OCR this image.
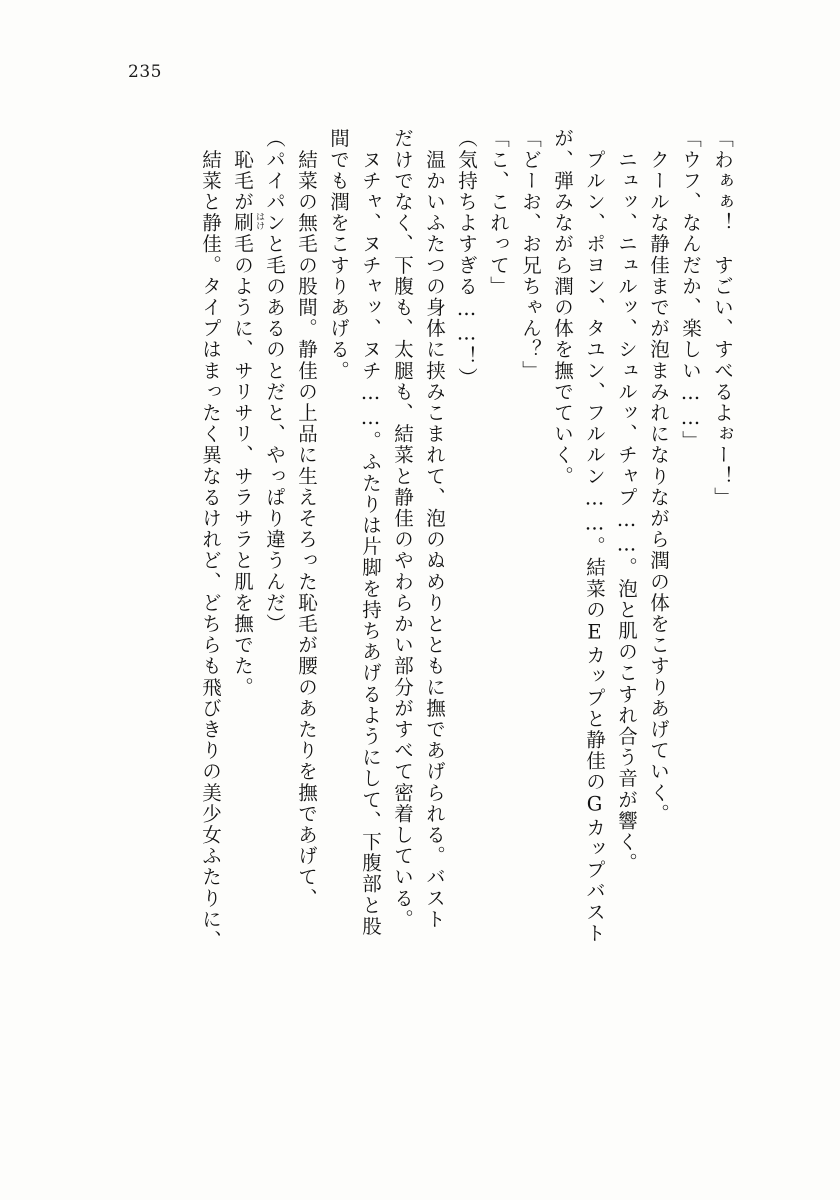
235
「わぁぁ！　すごい、すべるよぉー！」
「ウフ、なんだか、楽しい……」
　クールな静佳までが泡まみれになりながら潤の体をこすりあげていく。
　ニュッ、ニュルッ、シュルッ、チャプ……。泡と肌のこすれ合う音が響く。
　プルン、ポヨン、タユン、フルルン……。結菜のEカップと静佳のGカップバスト
が、弾みながら潤の体を撫でていく。
「どーお、お兄ちゃん？」
「こ、これって」
（気持ちよすぎる……！）
　温かいふたつの身体に挟みこまれて、泡のぬめりとともに撫であげられる。バスト
だけでなく、下腹も、太腿も、結菜と静佳のやわらかい部分がすべて密着している。
　ヌチャ、ヌチャッ、ヌチ……。ふたりは片脚を持ちあげるようにして、下腹部と股
間でも潤をこすりあげる。
　結菜の無毛の股間。静佳の上品に生えそろった恥毛が腰のあたりを撫であげて、
（パイパンと毛のあるのとだと、やっぱり違うんだ）
　恥毛が刷毛 はけ
のように、サリサリ、サラサラと肌を撫でた。
　結菜と静佳。タイプはまったく異なるけれど、どちらも飛びきりの美少女ふたりに、
